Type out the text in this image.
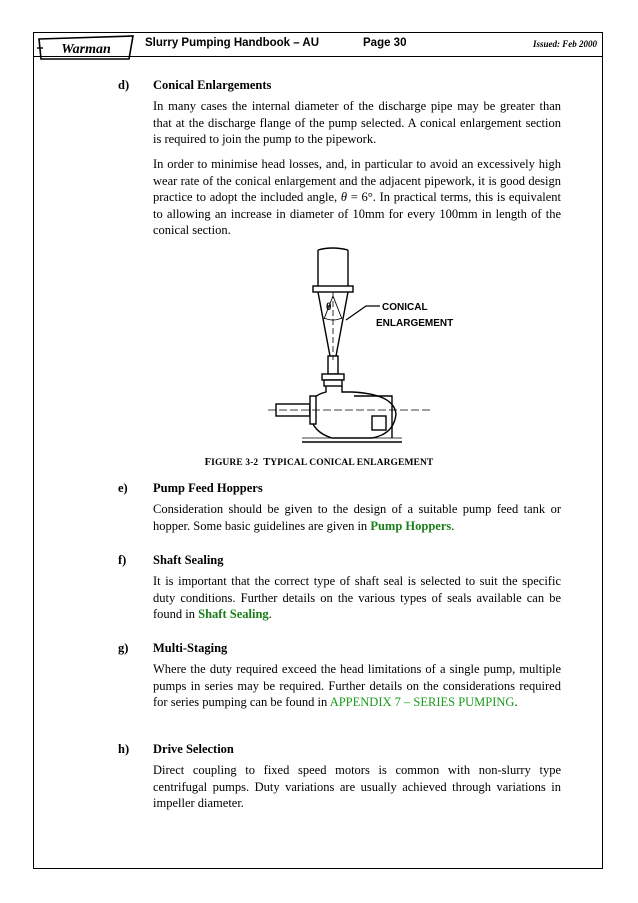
Warman	Slurry Pumping Handbook – AU	Page 30	Issued: Feb 2000
d) Conical Enlargements

In many cases the internal diameter of the discharge pipe may be greater than that at the discharge flange of the pump selected. A conical enlargement section is required to join the pump to the pipework.

In order to minimise head losses, and, in particular to avoid an excessively high wear rate of the conical enlargement and the adjacent pipework, it is good design practice to adopt the included angle, θ = 6°. In practical terms, this is equivalent to allowing an increase in diameter of 10mm for every 100mm in length of the conical section.

θ	CONICAL
ENLARGEMENT
FIGURE 3-2 TYPICAL CONICAL ENLARGEMENT
e) Pump Feed Hoppers

Consideration should be given to the design of a suitable pump feed tank or hopper. Some basic guidelines are given in Pump Hoppers.

f) Shaft Sealing

It is important that the correct type of shaft seal is selected to suit the specific duty conditions. Further details on the various types of seals available can be found in Shaft Sealing.

g) Multi-Staging

Where the duty required exceed the head limitations of a single pump, multiple pumps in series may be required. Further details on the considerations required for series pumping can be found in APPENDIX 7 – SERIES PUMPING.

h) Drive Selection

Direct coupling to fixed speed motors is common with non-slurry type centrifugal pumps. Duty variations are usually achieved through variations in impeller diameter.
